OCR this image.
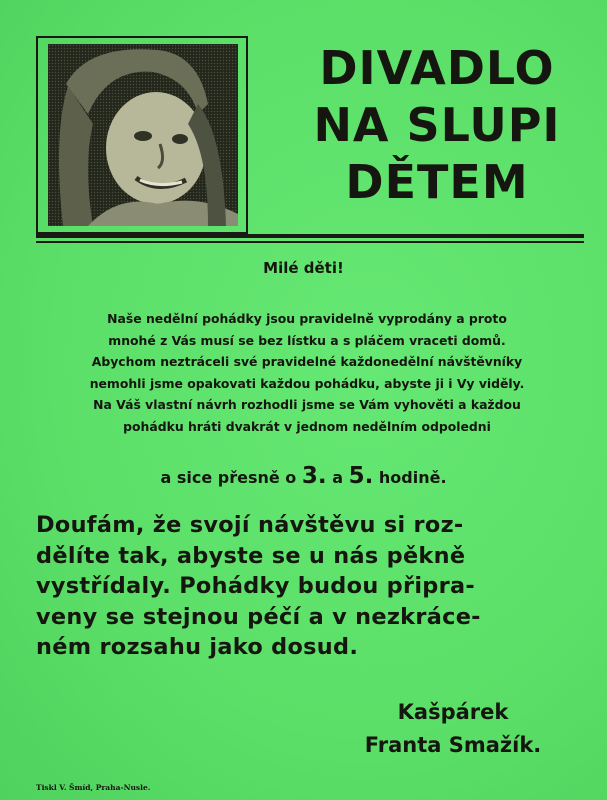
DIVADLO
NA SLUPI
DĚTEM
Milé děti!
Naše nedělní pohádky jsou pravidelně vyprodány a proto
mnohé z Vás musí se bez lístku a s pláčem vraceti domů.
Abychom neztráceli své pravidelné každonedělní návštěvníky
nemohli jsme opakovati každou pohádku, abyste ji i Vy viděly.
Na Váš vlastní návrh rozhodli jsme se Vám vyhověti a každou
pohádku hráti dvakrát v jednom nedělním odpoledni
a sice přesně o 3. a 5. hodině.
Doufám, že svojí návštěvu si roz-
dělíte tak, abyste se u nás pěkně
vystřídaly. Pohádky budou připra-
veny se stejnou péčí a v nezkráce-
ném rozsahu jako dosud.
Kašpárek
Franta Smažík.
Tiskl V. Šmíd, Praha-Nusle.
